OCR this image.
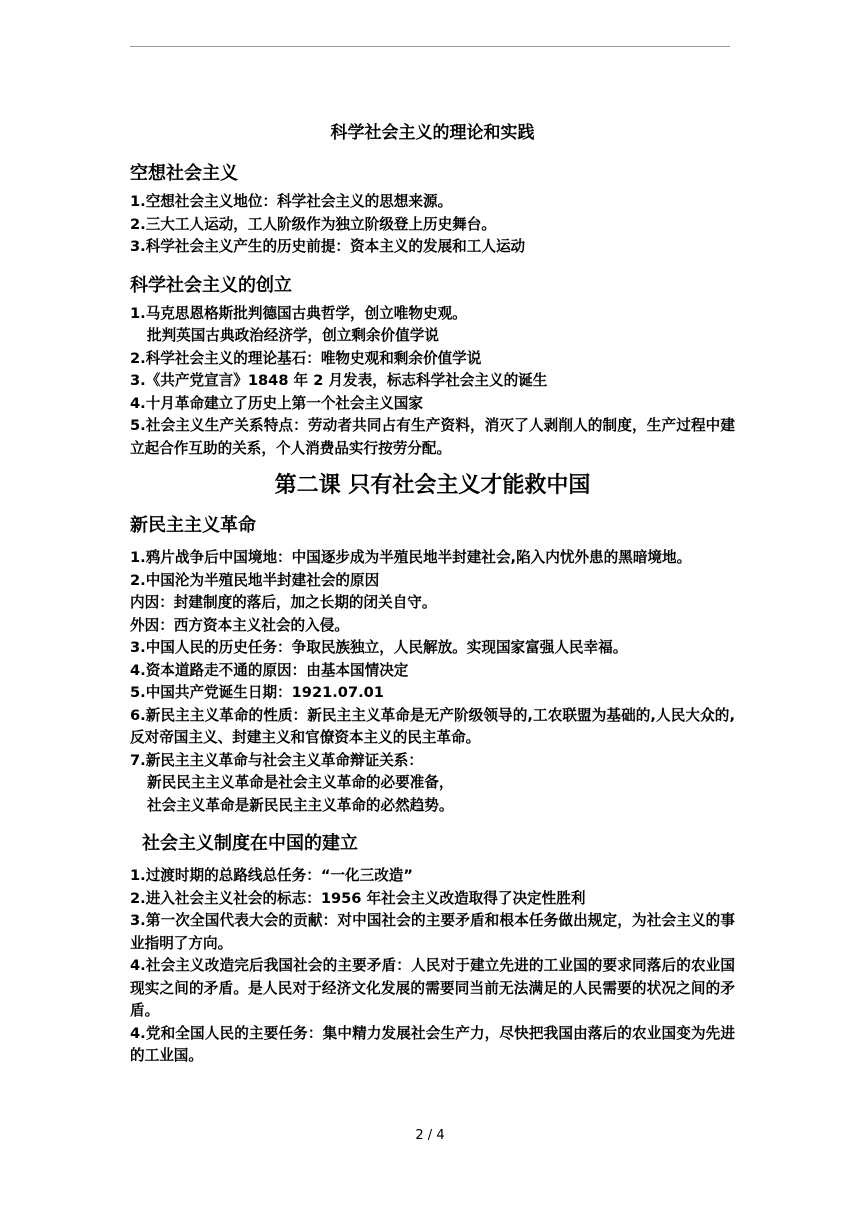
科学社会主义的理论和实践
空想社会主义
1.空想社会主义地位：科学社会主义的思想来源。
2.三大工人运动，工人阶级作为独立阶级登上历史舞台。
3.科学社会主义产生的历史前提：资本主义的发展和工人运动
科学社会主义的创立
1.马克思恩格斯批判德国古典哲学，创立唯物史观。
批判英国古典政治经济学，创立剩余价值学说
2.科学社会主义的理论基石：唯物史观和剩余价值学说
3.《共产党宣言》1848 年 2 月发表，标志科学社会主义的诞生
4.十月革命建立了历史上第一个社会主义国家
5.社会主义生产关系特点：劳动者共同占有生产资料，消灭了人剥削人的制度，生产过程中建立起合作互助的关系，个人消费品实行按劳分配。
第二课 只有社会主义才能救中国
新民主主义革命
1.鸦片战争后中国境地：中国逐步成为半殖民地半封建社会,陷入内忧外患的黑暗境地。
2.中国沦为半殖民地半封建社会的原因
内因：封建制度的落后，加之长期的闭关自守。
外因：西方资本主义社会的入侵。
3.中国人民的历史任务：争取民族独立，人民解放。实现国家富强人民幸福。
4.资本道路走不通的原因：由基本国情决定
5.中国共产党诞生日期：1921.07.01
6.新民主主义革命的性质：新民主主义革命是无产阶级领导的,工农联盟为基础的,人民大众的,反对帝国主义、封建主义和官僚资本主义的民主革命。
7.新民主主义革命与社会主义革命辩证关系：
新民民主主义革命是社会主义革命的必要准备，
社会主义革命是新民民主主义革命的必然趋势。
社会主义制度在中国的建立
1.过渡时期的总路线总任务：“一化三改造”
2.进入社会主义社会的标志：1956 年社会主义改造取得了决定性胜利
3.第一次全国代表大会的贡献：对中国社会的主要矛盾和根本任务做出规定，为社会主义的事业指明了方向。
4.社会主义改造完后我国社会的主要矛盾：人民对于建立先进的工业国的要求同落后的农业国现实之间的矛盾。是人民对于经济文化发展的需要同当前无法满足的人民需要的状况之间的矛盾。
4.党和全国人民的主要任务：集中精力发展社会生产力，尽快把我国由落后的农业国变为先进的工业国。
2 / 4
